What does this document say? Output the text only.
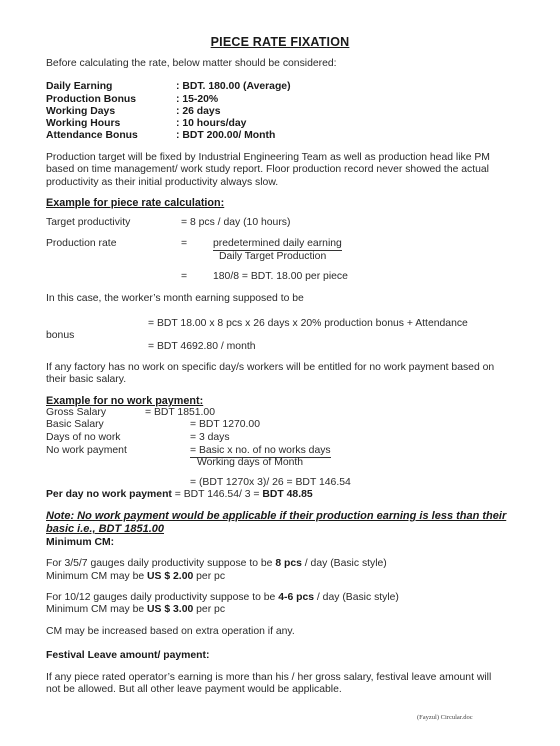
PIECE RATE FIXATION
Before calculating the rate, below matter should be considered:
Daily Earning	: BDT. 180.00 (Average)
Production Bonus	: 15-20%
Working Days	: 26 days
Working Hours	: 10 hours/day
Attendance Bonus	: BDT 200.00/ Month
Production target will be fixed by Industrial Engineering Team as well as production head like PM based on time management/ work study report. Floor production record never showed the actual productivity as their initial productivity always slow.
Example for piece rate calculation:
Target productivity	= 8 pcs / day (10 hours)
Production rate	= predetermined daily earning
Daily Target Production
= 180/8 = BDT. 18.00 per piece
In this case, the worker’s month earning supposed to be
= BDT 18.00 x 8 pcs x 26 days x 20% production bonus + Attendance
bonus
= BDT 4692.80 / month
If any factory has no work on specific day/s workers will be entitled for no work payment based on their basic salary.
Example for no work payment:
Gross Salary	= BDT 1851.00
Basic Salary	= BDT 1270.00
Days of no work	= 3 days
No work payment	= Basic x no. of no works days
Working days of Month
= (BDT 1270x 3)/ 26 = BDT 146.54
Per day no work payment = BDT 146.54/ 3 = BDT 48.85
Note: No work payment would be applicable if their production earning is less than their basic i.e., BDT 1851.00
Minimum CM:
For 3/5/7 gauges daily productivity suppose to be 8 pcs / day (Basic style)
Minimum CM may be US $ 2.00 per pc
For 10/12 gauges daily productivity suppose to be 4-6 pcs / day (Basic style)
Minimum CM may be US $ 3.00 per pc
CM may be increased based on extra operation if any.
Festival Leave amount/ payment:
If any piece rated operator’s earning is more than his / her gross salary, festival leave amount will not be allowed. But all other leave payment would be applicable.
(Fayzul) Circular.doc
